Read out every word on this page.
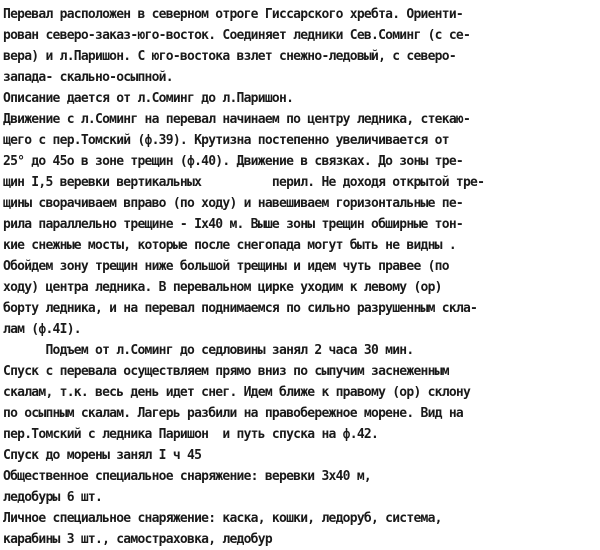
Перевал расположен в северном отроге Гиссарского хребта. Ориенти-
рован северо-заказ-юго-восток. Соединяет ледники Сев.Соминг (с се-
вера) и л.Паришон. С юго-востока взлет снежно-ледовый, с северо-
запада- скально-осыпной.
Описание дается от л.Соминг до л.Паришон.
Движение с л.Соминг на перевал начинаем по центру ледника, стекаю-
щего с пер.Томский (ф.39). Крутизна постепенно увеличивается от
25° до 45о в зоне трещин (ф.40). Движение в связках. До зоны тре-
щин I,5 веревки вертикальных          перил. Не доходя открытой тре-
щины сворачиваем вправо (по ходу) и навешиваем горизонтальные пе-
рила параллельно трещине - Iх40 м. Выше зоны трещин обширные тон-
кие снежные мосты, которые после снегопада могут быть не видны .
Обойдем зону трещин ниже большой трещины и идем чуть правее (по
ходу) центра ледника. В перевальном цирке уходим к левому (ор)
борту ледника, и на перевал поднимаемся по сильно разрушенным скла-
лам (ф.4I).
Подъем от л.Соминг до седловины занял 2 часа 30 мин.
Спуск с перевала осуществляем прямо вниз по сыпучим заснеженным
скалам, т.к. весь день идет снег. Идем ближе к правому (ор) склону
по осыпным скалам. Лагерь разбили на правобережное морене. Вид на
пер.Томский с ледника Паришон  и путь спуска на ф.42.
Спуск до морены занял I ч 45
Общественное специальное снаряжение: веревки 3х40 м,
ледобуры 6 шт.
Личное специальное снаряжение: каска, кошки, ледоруб, система,
карабины 3 шт., самостраховка, ледобур
